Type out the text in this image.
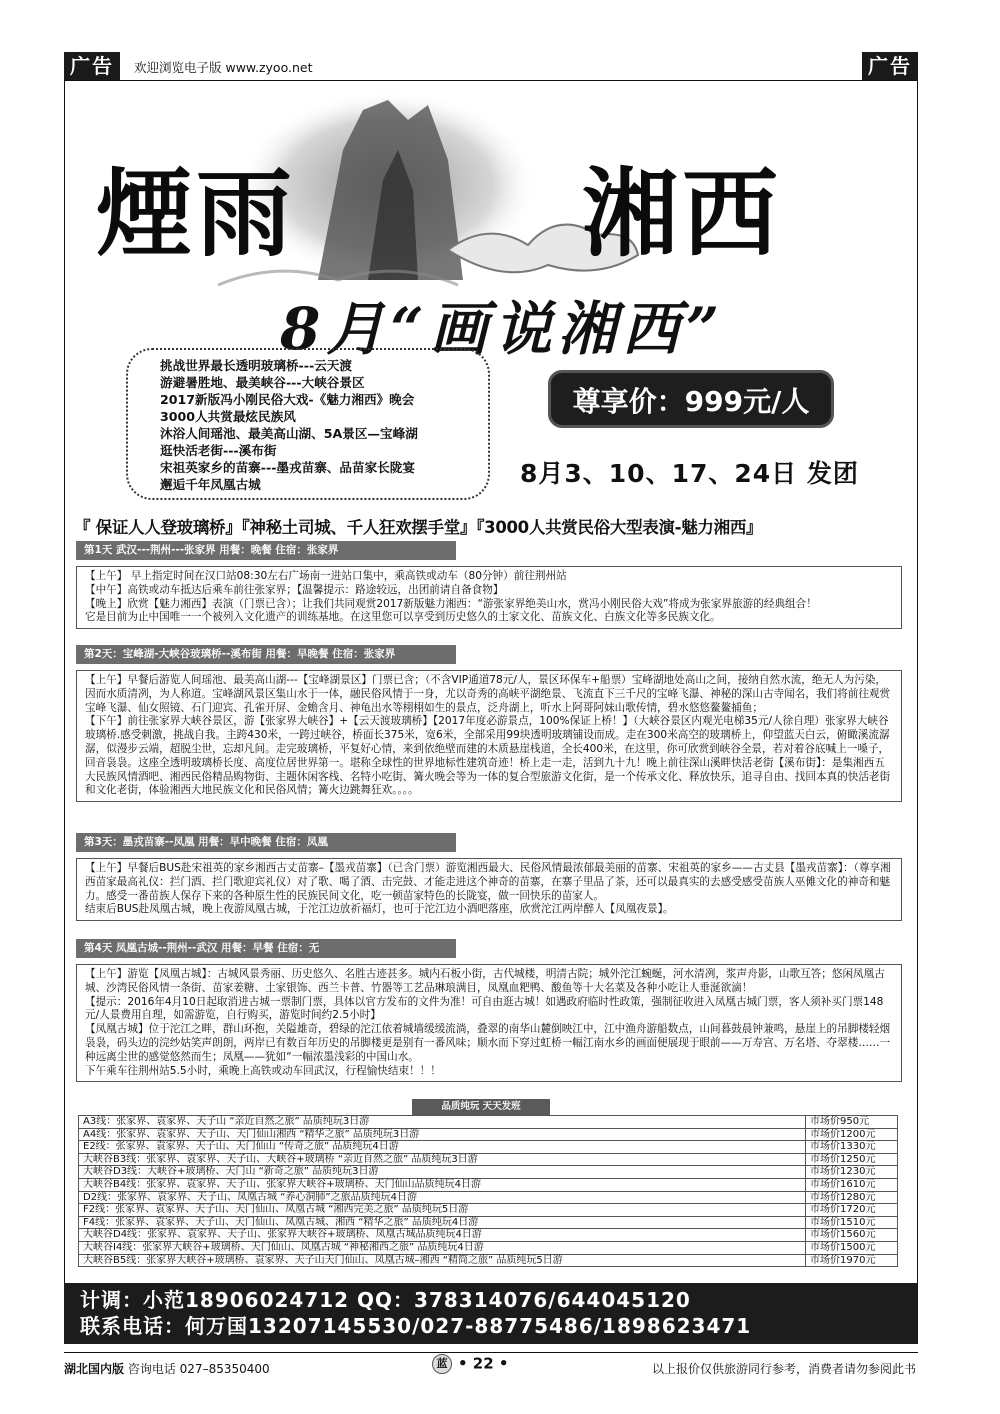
广告	欢迎浏览电子版 www.zyoo.net	广告
煙雨	湘西
8月“画说湘西”
挑战世界最长透明玻璃桥---云天渡
游避暑胜地、最美峡谷---大峡谷景区
2017新版冯小刚民俗大戏-《魅力湘西》晚会
3000人共赏最炫民族风
沐浴人间瑶池、最美高山湖、5A景区—宝峰湖
逛快活老街---溪布街
宋祖英家乡的苗寨---墨戎苗寨、品苗家长陇宴
邂逅千年凤凰古城
尊享价：999元/人
8月3、10、17、24日 发团
『 保证人人登玻璃桥』『神秘土司城、千人狂欢摆手堂』『3000人共赏民俗大型表演-魅力湘西』
第1天 武汉---荆州---张家界 用餐：晚餐 住宿：张家界

【上午】 早上指定时间在汉口站08:30左右广场南一进站口集中，乘高铁或动车（80分钟）前往荆州站

【中午】高铁或动车抵达后乘车前往张家界；【温馨提示：路途较远，出团前请自备食物】

【晚上】欣赏【魅力湘西】表演（门票已含）；让我们共同观赏2017新版魅力湘西：“游张家界绝美山水，赏冯小刚民俗大戏”将成为张家界旅游的经典组合！

它是目前为止中国唯一一个被列入文化遗产的训练基地。在这里您可以享受到历史悠久的土家文化、苗族文化、白族文化等多民族文化。

第2天：宝峰湖-大峡谷玻璃桥--溪布街 用餐：早晚餐 住宿：张家界

【上午】早餐后游览人间瑶池、最美高山湖---【宝峰湖景区】门票已含；（不含VIP通道78元/人，景区环保车+船票）宝峰湖地处高山之间，接纳自然水流，绝无人为污染，因而水质清冽，为人称道。宝峰湖风景区集山水于一体，融民俗风情于一身，尤以奇秀的高峡平湖绝景、飞流直下三千尺的宝峰飞瀑、神秘的深山古寺闻名，我们将前往观赏宝峰飞瀑、仙女照镜、石门迎宾、孔雀开屏、金蟾含月、神龟出水等栩栩如生的景点，泛舟湖上，听水上阿哥阿妹山歌传情，碧水悠悠鳌鳌捕鱼；

【下午】前往张家界大峡谷景区，游【张家界大峡谷】+【云天渡玻璃桥】【2017年度必游景点，100%保证上桥！】（大峡谷景区内观光电梯35元/人徐自理）张家界大峡谷玻璃桥.感受刺激，挑战自我。主跨430米，一跨过峡谷，桥面长375米，宽6米，全部采用99块透明玻璃铺设而成。走在300米高空的玻璃桥上，仰望蓝天白云，俯瞰溪流潺潺，似漫步云端，超脱尘世，忘却凡间。走完玻璃桥，平复好心情，来到依绝壁而建的木质悬崖栈道，全长400米，在这里，你可欣赏到峡谷全景，若对着谷底喊上一嗓子，回音袅袅。这座全透明玻璃桥长度、高度位居世界第一。堪称全球性的世界地标性建筑奇迹！桥上走一走，活到九十九！晚上前往深山溪畔快活老街【溪布街】：是集湘西五大民族风情酒吧、湘西民俗精品购物街、主题休闲客栈、名特小吃街、篝火晚会等为一体的复合型旅游文化街，是一个传承文化、释放快乐，追寻自由、找回本真的快活老街和文化老街，体验湘西大地民族文化和民俗风情；篝火边跳舞狂欢。。。。

第3天：墨戎苗寨--凤凰 用餐：早中晚餐 住宿：凤凰

【上午】早餐后BUS赴宋祖英的家乡湘西古丈苗寨–【墨戎苗寨】（已含门票）游览湘西最大、民俗风情最浓郁最美丽的苗寨、宋祖英的家乡——古丈县【墨戎苗寨】：（尊享湘西苗家最高礼仪：拦门酒、拦门歌迎宾礼仪）对了歌、喝了酒、击完鼓、才能走进这个神奇的苗寨，在寨子里品了茶，还可以最真实的去感受感受苗族人巫傩文化的神奇和魅力。感受一番苗族人保存下来的各种原生性的民族民间文化，吃一顿苗家特色的长陇宴，做一回快乐的苗家人。

结束后BUS赴凤凰古城，晚上夜游凤凰古城，于沱江边放祈福灯，也可于沱江边小酒吧落座，欣赏沱江两岸醉人【凤凰夜景】。

第4天 凤凰古城--荆州--武汉 用餐：早餐 住宿：无

【上午】游览【凤凰古城】：古城风景秀丽、历史悠久、名胜古迹甚多。城内石板小街，古代城楼，明清古院；城外沱江蜿蜒，河水清冽，浆声舟影，山歌互答；悠闲凤凰古城、沙湾民俗风情一条街、苗家姜糖、土家银饰、西兰卡普、竹器等工艺品琳琅满目，凤凰血粑鸭、酸鱼等十大名菜及各种小吃让人垂涎欲滴！

【提示：2016年4月10日起取消进古城一票制门票，具体以官方发布的文件为准！可自由逛古城！如遇政府临时性政策，强制征收进入凤凰古城门票，客人须补买门票148元/人景费用自理，如需游览，自行购买，游览时间约2.5小时】

【凤凰古城】位于沱江之畔，群山环抱，关隘雄奇，碧绿的沱江依着城墙缓缓流淌，叠翠的南华山麓倒映江中，江中渔舟游船数点，山间暮鼓晨钟兼鸣，悬崖上的吊脚楼轻烟袅袅，码头边的浣纱姑笑声朗朗，两岸已有数百年历史的吊脚楼更是别有一番风味；顺水而下穿过虹桥一幅江南水乡的画面便展现于眼前——万寿宫、万名塔、夺翠楼……一种远离尘世的感觉悠然而生；凤凰——犹如“一幅浓墨浅彩的中国山水。

下午乘车往荆州站5.5小时，乘晚上高铁或动车回武汉，行程愉快结束！！！

品质纯玩 天天发班
A3线：张家界、袁家界、天子山 “亲近自然之旅” 品质纯玩3日游	市场价950元
A4线：张家界、袁家界、天子山、天门仙山湘西 “精华之旅” 品质纯玩3日游	市场价1200元
E2线：张家界、袁家界、天子山、天门仙山 “传奇之旅” 品质纯玩4日游	市场价1330元
大峡谷B3线：张家界、袁家界、天子山、大峡谷+玻璃桥 “亲近自然之旅” 品质纯玩3日游	市场价1250元
大峡谷D3线：大峡谷+玻璃桥、天门山 “新奇之旅” 品质纯玩3日游	市场价1230元
大峡谷B4线：张家界、袁家界、天子山、张家界大峡谷+玻璃桥、天门仙山品质纯玩4日游	市场价1610元
D2线：张家界、袁家界、天子山、凤凰古城 “养心洞肺”之旅品质纯玩4日游	市场价1280元
F2线：张家界、袁家界、天子山、天门仙山、凤凰古城 “湘西完美之旅” 品质纯玩5日游	市场价1720元
F4线：张家界、袁家界、天子山、天门仙山、凤凰古城、湘西 “精华之旅” 品质纯玩4日游	市场价1510元
大峡谷D4线：张家界、袁家界、天子山、张家界大峡谷+玻璃桥、凤凰古城品质纯玩4日游	市场价1560元
大峡谷I4线：张家界大峡谷+玻璃桥、天门仙山、凤凰古城 “神秘湘西之旅” 品质纯玩4日游	市场价1500元
大峡谷B5线：张家界大峡谷+玻璃桥、袁家界、天子山天门仙山、凤凰古城–湘西 “精简之旅” 品质纯玩5日游	市场价1970元
计调：小范18906024712 QQ：378314076/644045120
联系电话：何万国13207145530/027-88775486/1898623471
湖北国内版 咨询电话 027–85350400	蓝 • 22 •	以上报价仅供旅游同行参考，消费者请勿参阅此书
